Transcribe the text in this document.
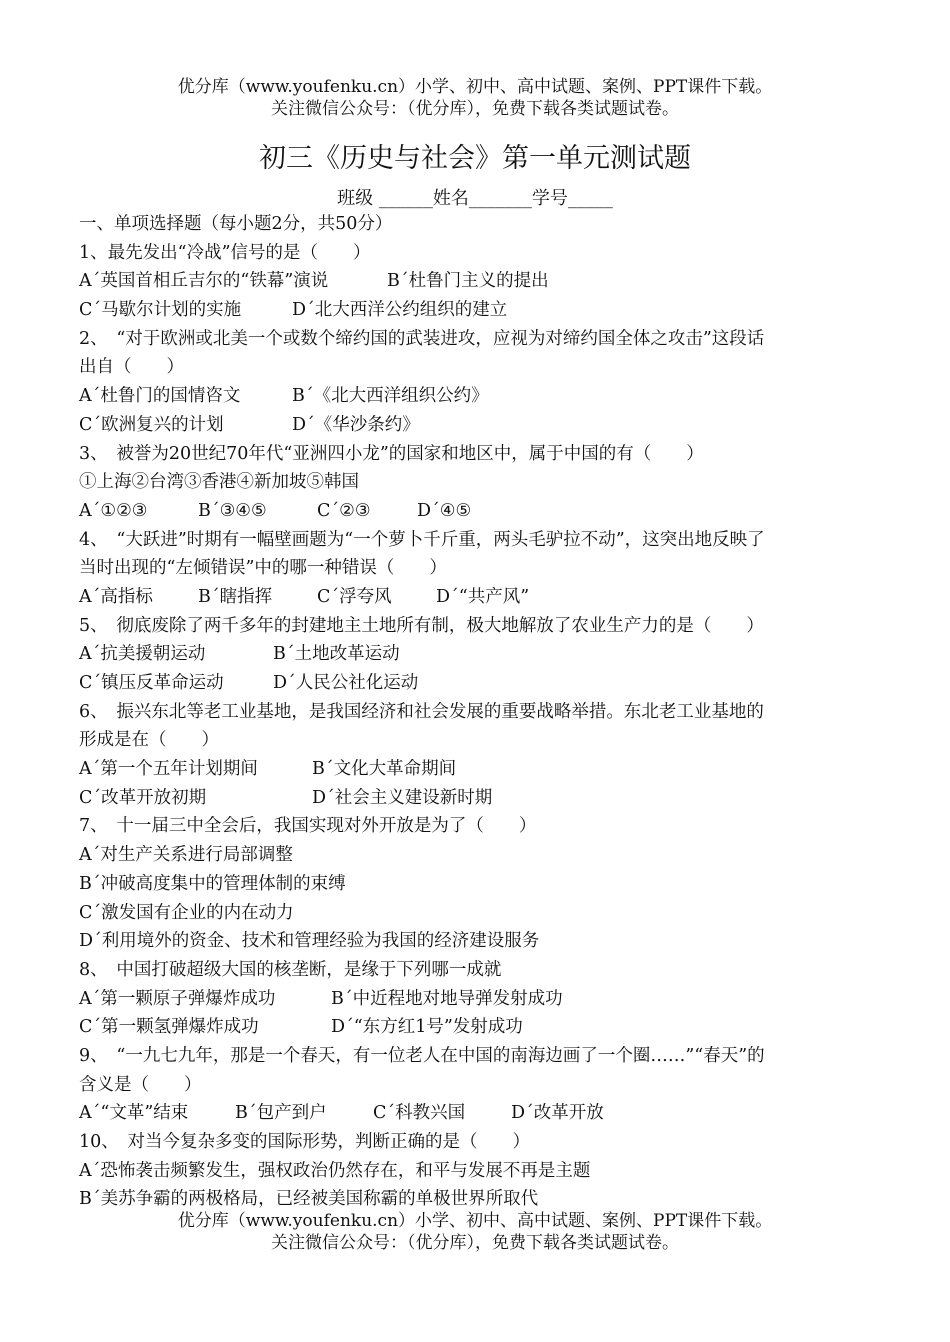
优分库（www.youfenku.cn）小学、初中、高中试题、案例、PPT课件下载。
关注微信公众号：（优分库），免费下载各类试题试卷。
初三《历史与社会》第一单元测试题
班级 ______姓名_______学号_____
一、单项选择题（每小题2分，共50分）
1、最先发出“冷战”信号的是（　　）
Aˊ英国首相丘吉尔的“铁幕”演说	Bˊ杜鲁门主义的提出
Cˊ马歇尔计划的实施	Dˊ北大西洋公约组织的建立
2、　“对于欧洲或北美一个或数个缔约国的武装进攻，应视为对缔约国全体之攻击”这段话
出自（　　）
Aˊ杜鲁门的国情咨文	Bˊ《北大西洋组织公约》
Cˊ欧洲复兴的计划	Dˊ《华沙条约》
3、　被誉为20世纪70年代“亚洲四小龙”的国家和地区中，属于中国的有（　　）
①上海②台湾③香港④新加坡⑤韩国
Aˊ①②③	Bˊ③④⑤	Cˊ②③	Dˊ④⑤
4、　“大跃进”时期有一幅壁画题为“一个萝卜千斤重，两头毛驴拉不动”，这突出地反映了
当时出现的“左倾错误”中的哪一种错误（　　）
Aˊ高指标	Bˊ瞎指挥	Cˊ浮夸风	Dˊ“共产风”
5、　彻底废除了两千多年的封建地主土地所有制，极大地解放了农业生产力的是（　　）
Aˊ抗美援朝运动	Bˊ土地改革运动
Cˊ镇压反革命运动	Dˊ人民公社化运动
6、　振兴东北等老工业基地，是我国经济和社会发展的重要战略举措。东北老工业基地的
形成是在（　　）
Aˊ第一个五年计划期间	Bˊ文化大革命期间
Cˊ改革开放初期	Dˊ社会主义建设新时期
7、　十一届三中全会后，我国实现对外开放是为了（　　）
Aˊ对生产关系进行局部调整
Bˊ冲破高度集中的管理体制的束缚
Cˊ激发国有企业的内在动力
Dˊ利用境外的资金、技术和管理经验为我国的经济建设服务
8、　中国打破超级大国的核垄断，是缘于下列哪一成就
Aˊ第一颗原子弹爆炸成功	Bˊ中近程地对地导弹发射成功
Cˊ第一颗氢弹爆炸成功	Dˊ“东方红1号”发射成功
9、　“一九七九年，那是一个春天，有一位老人在中国的南海边画了一个圈……”“春天”的
含义是（　　）
Aˊ“文革”结束	Bˊ包产到户	Cˊ科教兴国	Dˊ改革开放
10、　对当今复杂多变的国际形势，判断正确的是（　　）
Aˊ恐怖袭击频繁发生，强权政治仍然存在，和平与发展不再是主题
Bˊ美苏争霸的两极格局，已经被美国称霸的单极世界所取代
优分库（www.youfenku.cn）小学、初中、高中试题、案例、PPT课件下载。
关注微信公众号：（优分库），免费下载各类试题试卷。
